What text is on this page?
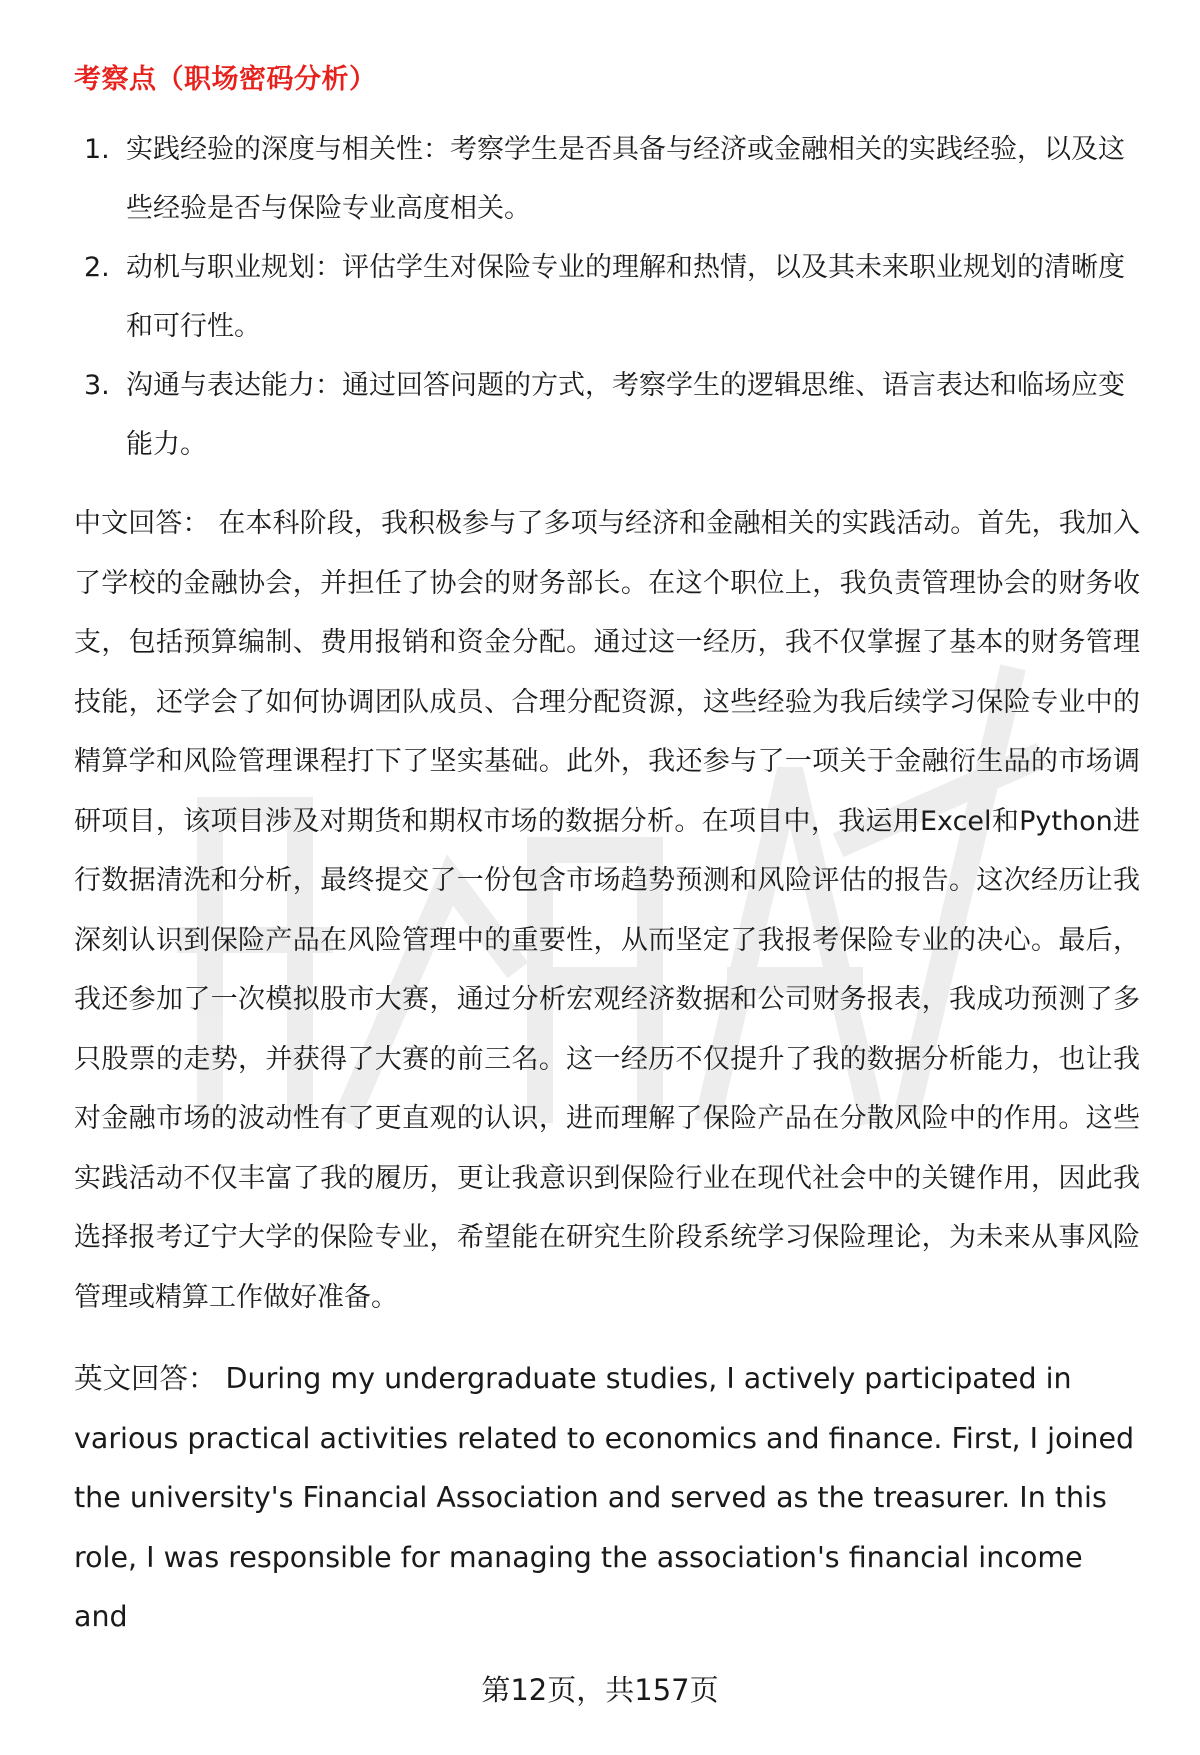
考察点（职场密码分析）
1. 实践经验的深度与相关性：考察学生是否具备与经济或金融相关的实践经验，以及这些经验是否与保险专业高度相关。
2. 动机与职业规划：评估学生对保险专业的理解和热情，以及其未来职业规划的清晰度和可行性。
3. 沟通与表达能力：通过回答问题的方式，考察学生的逻辑思维、语言表达和临场应变能力。

中文回答： 在本科阶段，我积极参与了多项与经济和金融相关的实践活动。首先，我加入了学校的金融协会，并担任了协会的财务部长。在这个职位上，我负责管理协会的财务收支，包括预算编制、费用报销和资金分配。通过这一经历，我不仅掌握了基本的财务管理技能，还学会了如何协调团队成员、合理分配资源，这些经验为我后续学习保险专业中的精算学和风险管理课程打下了坚实基础。此外，我还参与了一项关于金融衍生品的市场调研项目，该项目涉及对期货和期权市场的数据分析。在项目中，我运用Excel和Python进行数据清洗和分析，最终提交了一份包含市场趋势预测和风险评估的报告。这次经历让我深刻认识到保险产品在风险管理中的重要性，从而坚定了我报考保险专业的决心。最后，我还参加了一次模拟股市大赛，通过分析宏观经济数据和公司财务报表，我成功预测了多只股票的走势，并获得了大赛的前三名。这一经历不仅提升了我的数据分析能力，也让我对金融市场的波动性有了更直观的认识，进而理解了保险产品在分散风险中的作用。这些实践活动不仅丰富了我的履历，更让我意识到保险行业在现代社会中的关键作用，因此我选择报考辽宁大学的保险专业，希望能在研究生阶段系统学习保险理论，为未来从事风险管理或精算工作做好准备。

英文回答： During my undergraduate studies, I actively participated in various practical activities related to economics and finance. First, I joined the university's Financial Association and served as the treasurer. In this role, I was responsible for managing the association's financial income and

第12页，共157页
